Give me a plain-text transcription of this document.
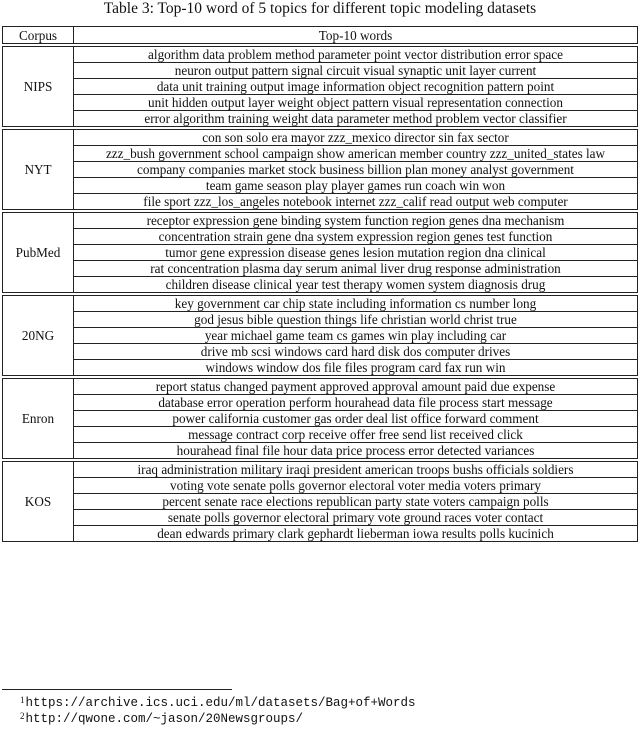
Table 3: Top-10 word of 5 topics for different topic modeling datasets
Corpus	Top-10 words

NIPS	algorithm data problem method parameter point vector distribution error space
	neuron output pattern signal circuit visual synaptic unit layer current
	data unit training output image information object recognition pattern point
	unit hidden output layer weight object pattern visual representation connection
	error algorithm training weight data parameter method problem vector classifier

NYT	con son solo era mayor zzz_mexico director sin fax sector
	zzz_bush government school campaign show american member country zzz_united_states law
	company companies market stock business billion plan money analyst government
	team game season play player games run coach win won
	file sport zzz_los_angeles notebook internet zzz_calif read output web computer

PubMed	receptor expression gene binding system function region genes dna mechanism
	concentration strain gene dna system expression region genes test function
	tumor gene expression disease genes lesion mutation region dna clinical
	rat concentration plasma day serum animal liver drug response administration
	children disease clinical year test therapy women system diagnosis drug

20NG	key government car chip state including information cs number long
	god jesus bible question things life christian world christ true
	year michael game team cs games win play including car
	drive mb scsi windows card hard disk dos computer drives
	windows window dos file files program card fax run win

Enron	report status changed payment approved approval amount paid due expense
	database error operation perform hourahead data file process start message
	power california customer gas order deal list office forward comment
	message contract corp receive offer free send list received click
	hourahead final file hour data price process error detected variances

KOS	iraq administration military iraqi president american troops bushs officials soldiers
	voting vote senate polls governor electoral voter media voters primary
	percent senate race elections republican party state voters campaign polls
	senate polls governor electoral primary vote ground races voter contact
	dean edwards primary clark gephardt lieberman iowa results polls kucinich
$^1$https://archive.ics.uci.edu/ml/datasets/Bag+of+Words
$^2$http://qwone.com/~jason/20Newsgroups/
